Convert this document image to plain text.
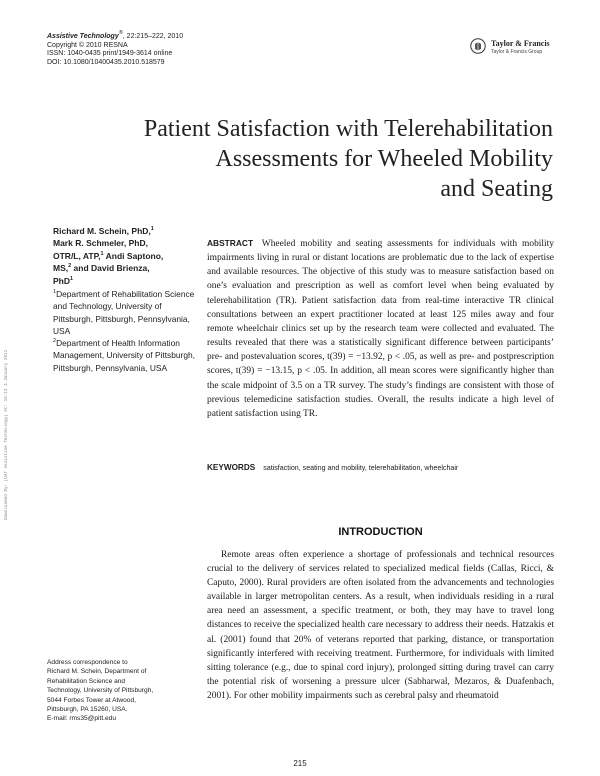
Assistive Technology®, 22:215–222, 2010
Copyright © 2010 RESNA
ISSN: 1040-0435 print/1949-3614 online
DOI: 10.1080/10400435.2010.518579
Taylor & Francis
Taylor & Francis Group
Patient Satisfaction with Telerehabilitation
Assessments for Wheeled Mobility
and Seating
Downloaded By: [UAT Assistive Technology] At: 15:13 4 January 2011
Richard M. Schein, PhD,$^1$
Mark R. Schmeler, PhD,
OTR/L, ATP,$^1$ Andi Saptono,
MS,$^2$ and David Brienza,
PhD$^1$

$^1$Department of Rehabilitation Science and Technology, University of Pittsburgh, Pittsburgh, Pennsylvania, USA

$^2$Department of Health Information Management, University of Pittsburgh, Pittsburgh, Pennsylvania, USA

ABSTRACT Wheeled mobility and seating assessments for individuals with mobility impairments living in rural or distant locations are problematic due to the lack of expertise and available resources. The objective of this study was to measure satisfaction based on one’s evaluation and prescription as well as comfort level when being evaluated by telerehabilitation (TR). Patient satisfaction data from real-time interactive TR clinical consultations between an expert practitioner located at least 125 miles away and four remote wheelchair clinics set up by the research team were collected and evaluated. The results revealed that there was a statistically significant difference between participants’ pre- and postevaluation scores, t(39) = −13.92, p < .05, as well as pre- and postprescription scores, t(39) = −13.15, p < .05. In addition, all mean scores were significantly higher than the scale midpoint of 3.5 on a TR survey. The study’s findings are consistent with those of previous telemedicine satisfaction studies. Overall, the results indicate a high level of patient satisfaction using TR.
KEYWORDS satisfaction, seating and mobility, telerehabilitation, wheelchair
INTRODUCTION

Remote areas often experience a shortage of professionals and technical resources crucial to the delivery of services related to specialized medical fields (Callas, Ricci, & Caputo, 2000). Rural providers are often isolated from the advancements and technologies available in larger metropolitan centers. As a result, when individuals residing in a rural area need an assessment, a specific treatment, or both, they may have to travel long distances to receive the specialized health care necessary to address their needs. Hatzakis et al. (2001) found that 20% of veterans reported that parking, distance, or transportation significantly interfered with receiving treatment. Furthermore, for individuals with limited sitting tolerance (e.g., due to spinal cord injury), prolonged sitting during travel can carry the potential risk of worsening a pressure ulcer (Sabharwal, Mezaros, & Duafenbach, 2001). For other mobility impairments such as cerebral palsy and rheumatoid

Address correspondence to
Richard M. Schein, Department of
Rehabilitation Science and
Technology, University of Pittsburgh,
5044 Forbes Tower at Atwood,
Pittsburgh, PA 15260, USA.
E-mail: rms35@pitt.edu
215
